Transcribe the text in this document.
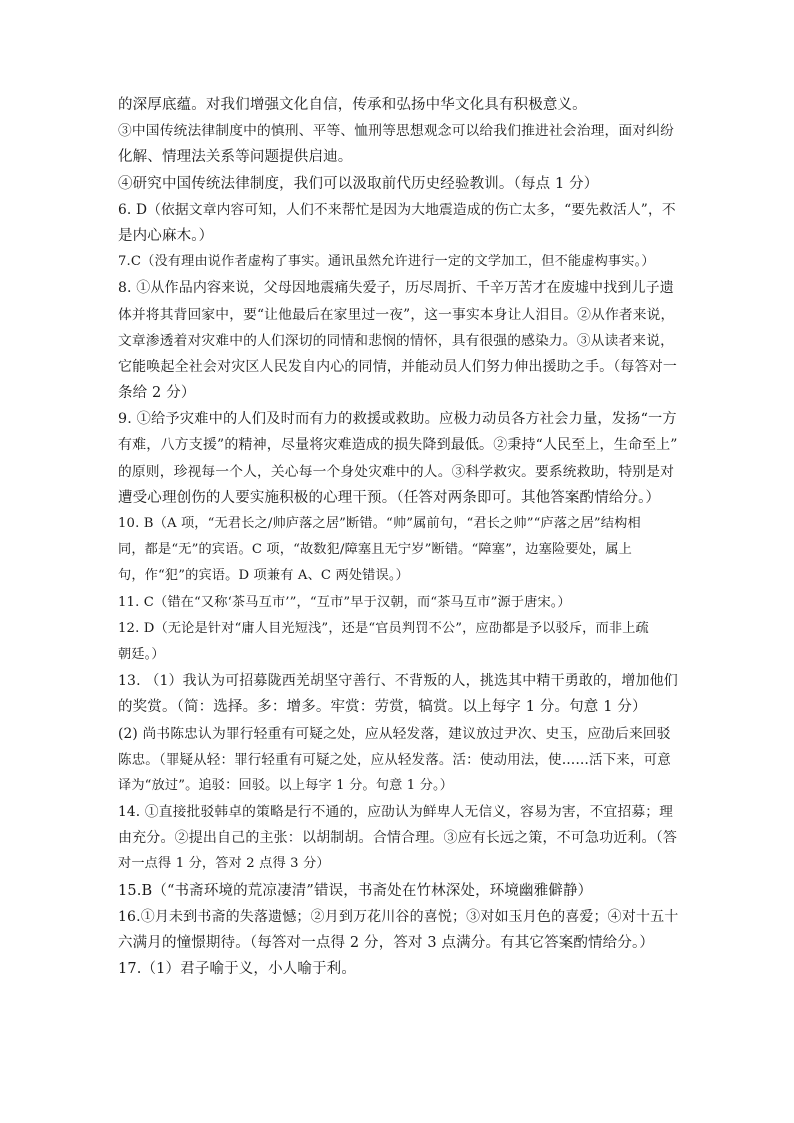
的深厚底蕴。对我们增强文化自信，传承和弘扬中华文化具有积极意义。
③中国传统法律制度中的慎刑、平等、恤刑等思想观念可以给我们推进社会治理，面对纠纷
化解、情理法关系等问题提供启迪。
④研究中国传统法律制度，我们可以汲取前代历史经验教训。（每点 1 分）
6. D（依据文章内容可知，人们不来帮忙是因为大地震造成的伤亡太多，“要先救活人”，不
是内心麻木。）
7.C（没有理由说作者虚构了事实。通讯虽然允许进行一定的文学加工，但不能虚构事实。）
8. ①从作品内容来说，父母因地震痛失爱子，历尽周折、千辛万苦才在废墟中找到儿子遗
体并将其背回家中，要“让他最后在家里过一夜”，这一事实本身让人泪目。②从作者来说，
文章渗透着对灾难中的人们深切的同情和悲悯的情怀，具有很强的感染力。③从读者来说，
它能唤起全社会对灾区人民发自内心的同情，并能动员人们努力伸出援助之手。（每答对一
条给 2 分）
9. ①给予灾难中的人们及时而有力的救援或救助。应极力动员各方社会力量，发扬“一方
有难，八方支援”的精神，尽量将灾难造成的损失降到最低。②秉持“人民至上，生命至上”
的原则，珍视每一个人，关心每一个身处灾难中的人。③科学救灾。要系统救助，特别是对
遭受心理创伤的人要实施积极的心理干预。（任答对两条即可。其他答案酌情给分。）
10. B（A 项，“无君长之/帅庐落之居”断错。“帅”属前句，“君长之帅”“庐落之居”结构相
同，都是“无”的宾语。C 项，“故数犯/障塞且无宁岁”断错。“障塞”，边塞险要处，属上
句，作“犯”的宾语。D 项兼有 A、C 两处错误。）
11. C（错在“又称‘茶马互市’”，“互市”早于汉朝，而“茶马互市”源于唐宋。）
12. D（无论是针对“庸人目光短浅”，还是“官员判罚不公”，应劭都是予以驳斥，而非上疏
朝廷。）
13. （1）我认为可招募陇西羌胡坚守善行、不背叛的人，挑选其中精干勇敢的，增加他们
的奖赏。（简：选择。多：增多。牢赏：劳赏，犒赏。以上每字 1 分。句意 1 分）
(2) 尚书陈忠认为罪行轻重有可疑之处，应从轻发落，建议放过尹次、史玉，应劭后来回驳
陈忠。（罪疑从轻：罪行轻重有可疑之处，应从轻发落。活：使动用法，使……活下来，可意
译为“放过”。追驳：回驳。以上每字 1 分。句意 1 分。）
14. ①直接批驳韩卓的策略是行不通的，应劭认为鲜卑人无信义，容易为害，不宜招募；理
由充分。②提出自己的主张：以胡制胡。合情合理。③应有长远之策，不可急功近利。（答
对一点得 1 分，答对 2 点得 3 分）
15.B（“书斋环境的荒凉凄清”错误，书斋处在竹林深处，环境幽雅僻静）
16.①月未到书斋的失落遗憾；②月到万花川谷的喜悦；③对如玉月色的喜爱；④对十五十
六满月的憧憬期待。（每答对一点得 2 分，答对 3 点满分。有其它答案酌情给分。）
17.（1）君子喻于义，小人喻于利。
